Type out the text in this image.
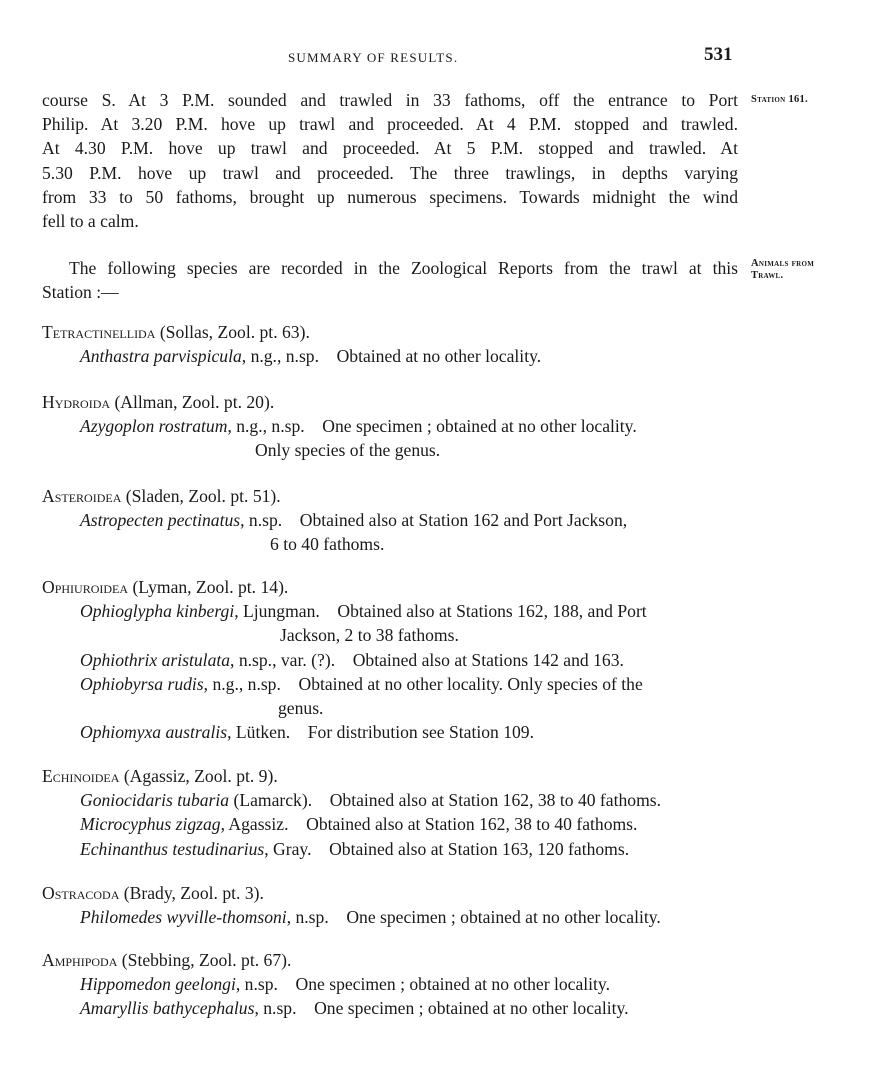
SUMMARY OF RESULTS.	531
Station 161.
Animals from
Trawl.
course S. At 3 P.M. sounded and trawled in 33 fathoms, off the entrance to Port
Philip. At 3.20 P.M. hove up trawl and proceeded. At 4 P.M. stopped and trawled.
At 4.30 P.M. hove up trawl and proceeded. At 5 P.M. stopped and trawled. At
5.30 P.M. hove up trawl and proceeded. The three trawlings, in depths varying
from 33 to 50 fathoms, brought up numerous specimens. Towards midnight the wind
fell to a calm.
The following species are recorded in the Zoological Reports from the trawl at this
Station :—
Tetractinellida (Sollas, Zool. pt. 63).
Anthastra parvispicula, n.g., n.sp.  Obtained at no other locality.
Hydroida (Allman, Zool. pt. 20).
Azygoplon rostratum, n.g., n.sp.  One specimen ; obtained at no other locality.
Only species of the genus.
Asteroidea (Sladen, Zool. pt. 51).
Astropecten pectinatus, n.sp.  Obtained also at Station 162 and Port Jackson,
6 to 40 fathoms.
Ophiuroidea (Lyman, Zool. pt. 14).
Ophioglypha kinbergi, Ljungman.  Obtained also at Stations 162, 188, and Port
Jackson, 2 to 38 fathoms.
Ophiothrix aristulata, n.sp., var. (?).  Obtained also at Stations 142 and 163.
Ophiobyrsa rudis, n.g., n.sp.  Obtained at no other locality. Only species of the
genus.
Ophiomyxa australis, Lütken.  For distribution see Station 109.
Echinoidea (Agassiz, Zool. pt. 9).
Goniocidaris tubaria (Lamarck).  Obtained also at Station 162, 38 to 40 fathoms.
Microcyphus zigzag, Agassiz.  Obtained also at Station 162, 38 to 40 fathoms.
Echinanthus testudinarius, Gray.  Obtained also at Station 163, 120 fathoms.
Ostracoda (Brady, Zool. pt. 3).
Philomedes wyville-thomsoni, n.sp.  One specimen ; obtained at no other locality.
Amphipoda (Stebbing, Zool. pt. 67).
Hippomedon geelongi, n.sp.  One specimen ; obtained at no other locality.
Amaryllis bathycephalus, n.sp.  One specimen ; obtained at no other locality.
